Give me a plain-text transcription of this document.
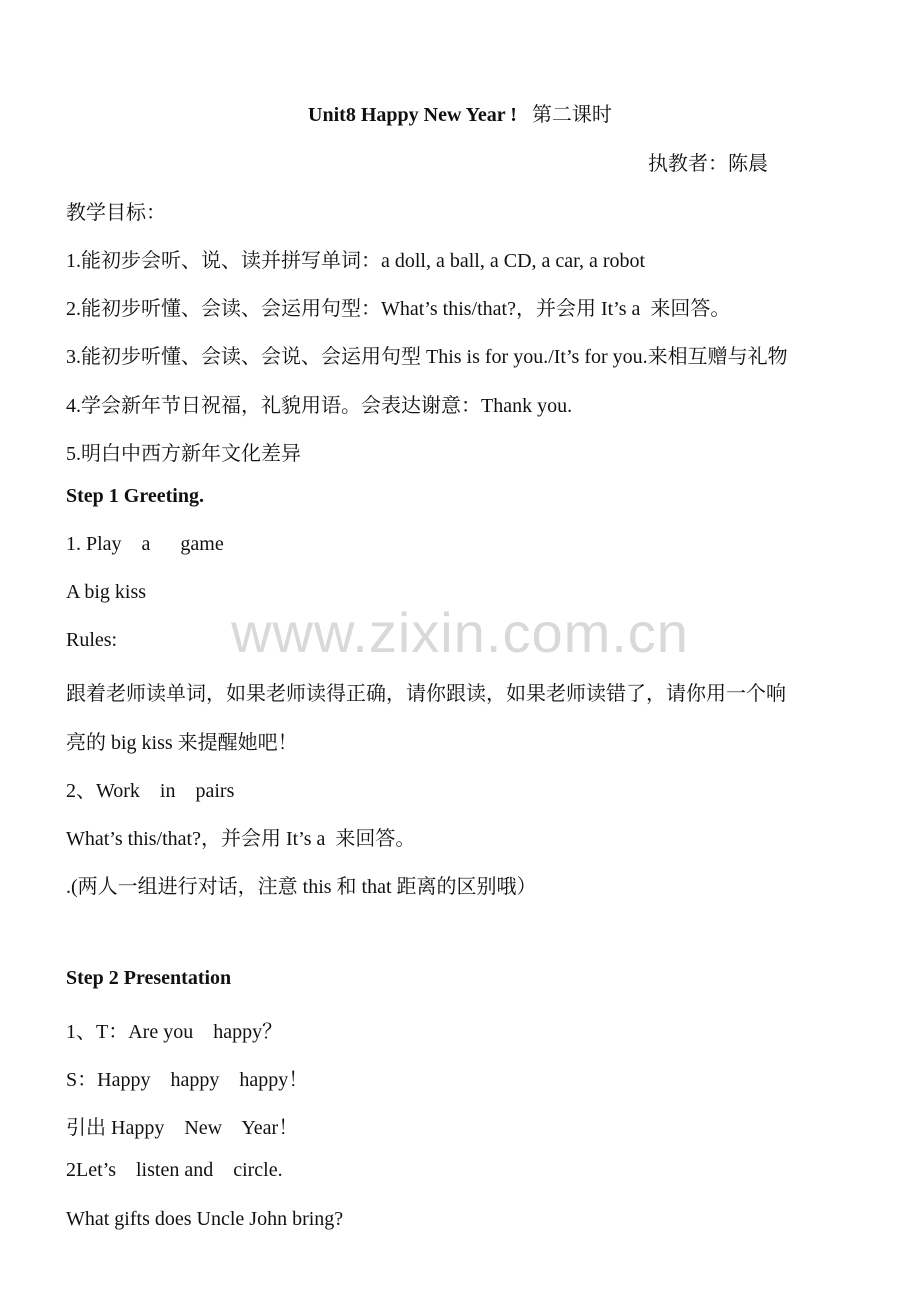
Unit8 Happy New Year !   第二课时
执教者：陈晨
教学目标：
1.能初步会听、说、读并拼写单词：a doll, a ball, a CD, a car, a robot
2.能初步听懂、会读、会运用句型：What’s this/that?，并会用 It’s a  来回答。
3.能初步听懂、会读、会说、会运用句型 This is for you./It’s for you.来相互赠与礼物
4.学会新年节日祝福，礼貌用语。会表达谢意：Thank you.
5.明白中西方新年文化差异
Step 1 Greeting.
1. Play    a      game
A big kiss
Rules:
跟着老师读单词，如果老师读得正确，请你跟读，如果老师读错了，请你用一个响
亮的 big kiss 来提醒她吧！
2、Work    in    pairs
What’s this/that?，并会用 It’s a  来回答。
.(两人一组进行对话，注意 this 和 that 距离的区别哦）
Step 2 Presentation
1、T：Are you    happy？
S：Happy    happy    happy！
引出 Happy    New    Year！
2Let’s    listen and    circle.
What gifts does Uncle John bring?
www.zixin.com.cn
